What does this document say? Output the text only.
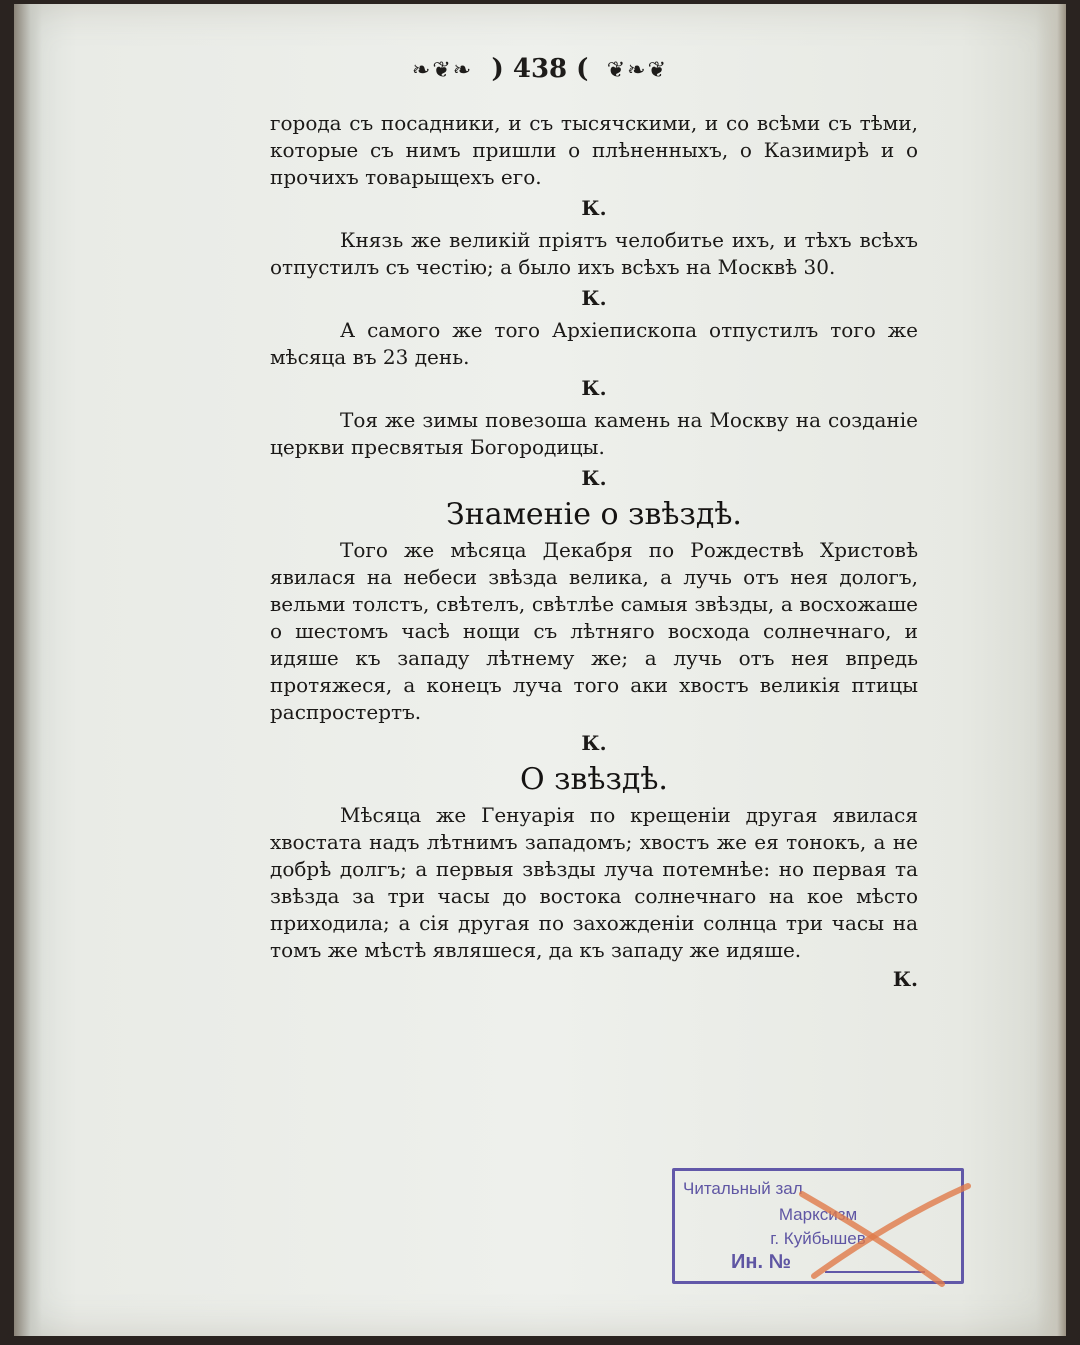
❧❦❧ ) 438 ( ❦❧❦

города съ посадники, и съ тысячскими, и со всѣми съ тѣми, которые съ нимъ пришли о плѣненныхъ, о Казимирѣ и о прочихъ товарыщехъ его.

К.

Князь же великій пріятъ челобитье ихъ, и тѣхъ всѣхъ отпустилъ съ честію; а было ихъ всѣхъ на Москвѣ 30.

К.

А самого же того Архіепископа отпустилъ того же мѣсяца въ 23 день.

К.

Тоя же зимы повезоша камень на Москву на созданіе церкви пресвятыя Богородицы.

К.
Знаменіе о звѣздѣ.

Того же мѣсяца Декабря по Рождествѣ Христовѣ явилася на небеси звѣзда велика, а лучь отъ нея дологъ, вельми толстъ, свѣтелъ, свѣтлѣе самыя звѣзды, а восхожаше о шестомъ часѣ нощи съ лѣтняго восхода солнечнаго, и идяше къ западу лѣтнему же; а лучь отъ нея впредь протяжеся, а конецъ луча того аки хвостъ великія птицы распростертъ.

К.
О звѣздѣ.

Мѣсяца же Генуарія по крещеніи другая явилася хвостата надъ лѣтнимъ западомъ; хвостъ же ея тонокъ, а не добрѣ долгъ; а первыя звѣзды луча потемнѣе: но первая та звѣзда за три часы до востока солнечнаго на кое мѣсто приходила; а сія другая по захожденіи солнца три часы на томъ же мѣстѣ являшеся, да къ западу же идяше.

К.
Читальный зал
Марксизм
г. Куйбышев
Ин. №
